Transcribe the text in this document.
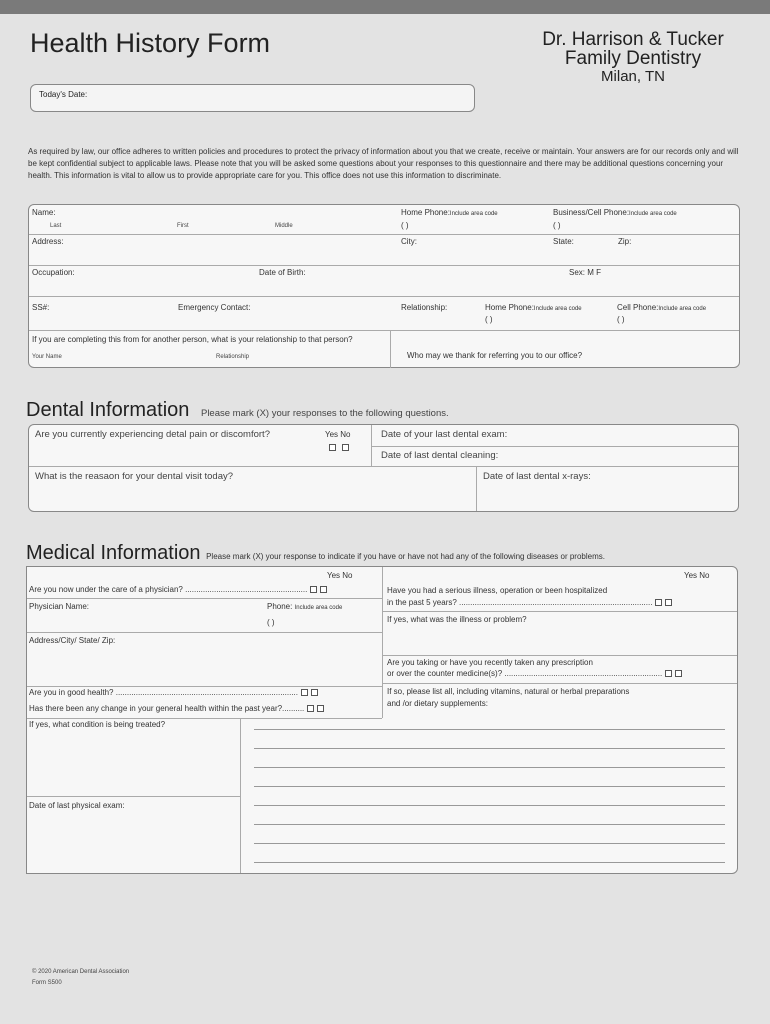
Health History Form	Dr. Harrison & Tucker
Family Dentistry
Milan, TN
Today's Date:
As required by law, our office adheres to written policies and procedures to protect the privacy of information about you that we create, receive or maintain. Your answers are for our records only and will be kept confidential subject to applicable laws. Please note that you will be asked some questions about your responses to this questionnaire and there may be additional questions concerning your health. This information is vital to allow us to provide appropriate care for you. This office does not use this information to discriminate.
Name:
Last	First	Middle
Home Phone:Include area code
( )
Business/Cell Phone:Include area code
( )
Address:	City:	State:	Zip:
Occupation:	Date of Birth:	Sex: M F
SS#:	Emergency Contact:	Relationship:	Home Phone:Include area code
( )
Cell Phone:Include area code
( )
If you are completing this from for another person, what is your relationship to that person?
Your Name	Relationship	Who may we thank for referring you to our office?
Dental Information Please mark (X) your responses to the following questions.
Are you currently experiencing detal pain or discomfort?	Yes No	Date of your last dental exam:
Date of last dental cleaning:
What is the reasaon for your dental visit today?	Date of last dental x-rays:
Medical Information Please mark (X) your response to indicate if you have or have not had any of the following diseases or problems.
Yes No	Yes No
Are you now under the care of a physician? .......................................................
Physician Name:	Phone: Include area code
( )
Address/City/ State/ Zip:
Are you in good health? ..................................................................................
Has there been any change in your general health within the past year?..........
If yes, what condition is being treated?
Date of last physical exam:
Have you had a serious illness, operation or been hospitalized
in the past 5 years? .......................................................................................
If yes, what was the illness or problem?
Are you taking or have you recently taken any prescription
or over the counter medicine(s)? .......................................................................
If so, please list all, including vitamins, natural or herbal preparations
and /or dietary supplements:
© 2020 American Dental Association
Form S500
